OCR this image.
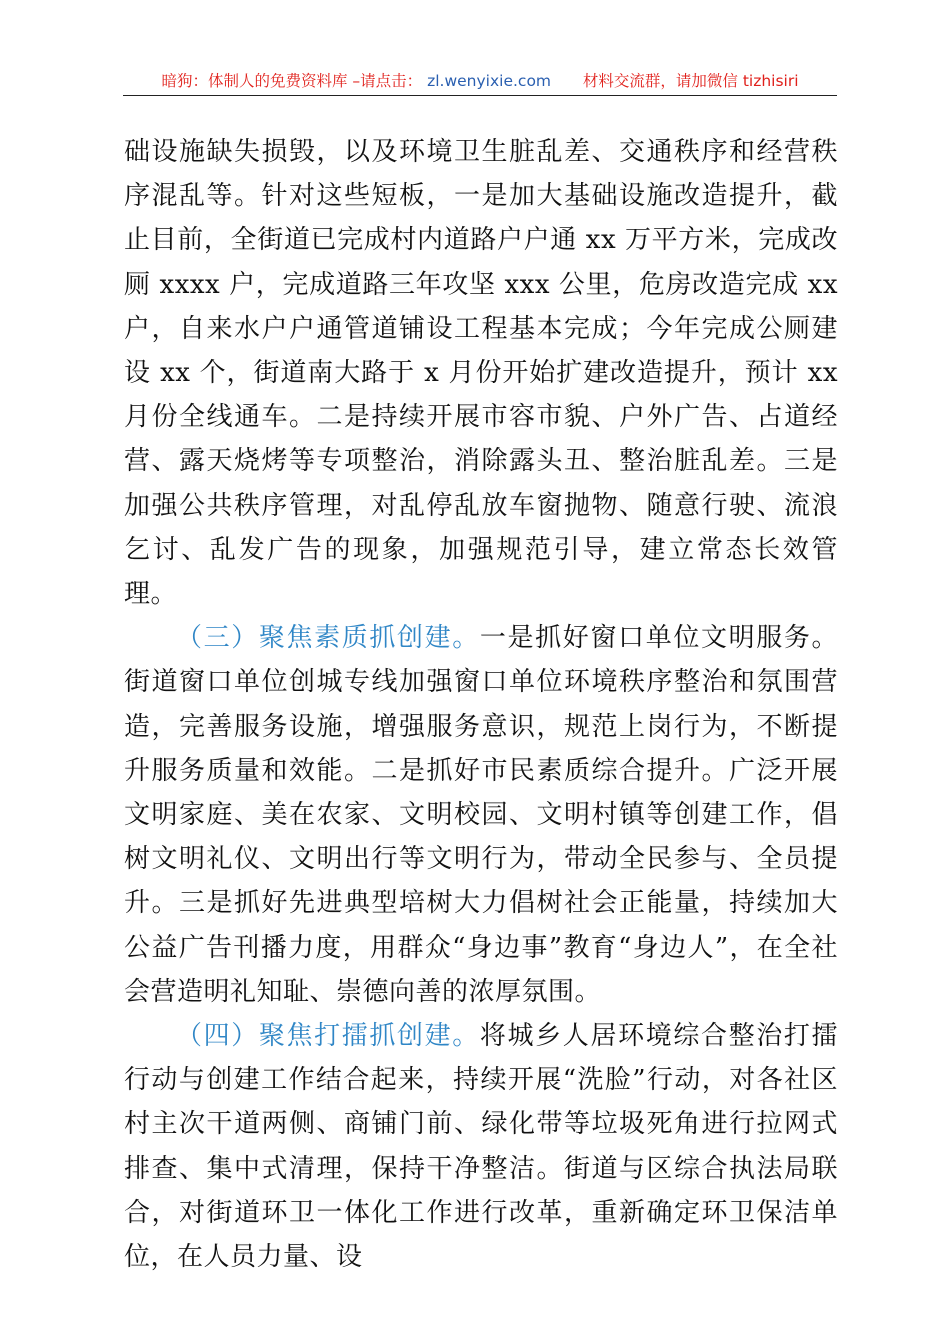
暗狗：体制人的免费资料库 –请点击： zl.wenyixie.com 材料交流群，请加微信 tizhisiri

础设施缺失损毁，以及环境卫生脏乱差、交通秩序和经营秩序混乱等。针对这些短板，一是加大基础设施改造提升，截止目前，全街道已完成村内道路户户通 xx 万平方米，完成改厕 xxxx 户，完成道路三年攻坚 xxx 公里，危房改造完成 xx 户，自来水户户通管道铺设工程基本完成；今年完成公厕建设 xx 个，街道南大路于 x 月份开始扩建改造提升，预计 xx 月份全线通车。二是持续开展市容市貌、户外广告、占道经营、露天烧烤等专项整治，消除露头丑、整治脏乱差。三是加强公共秩序管理，对乱停乱放车窗抛物、随意行驶、流浪乞讨、乱发广告的现象，加强规范引导，建立常态长效管理。

（三）聚焦素质抓创建。一是抓好窗口单位文明服务。街道窗口单位创城专线加强窗口单位环境秩序整治和氛围营造，完善服务设施，增强服务意识，规范上岗行为，不断提升服务质量和效能。二是抓好市民素质综合提升。广泛开展文明家庭、美在农家、文明校园、文明村镇等创建工作，倡树文明礼仪、文明出行等文明行为，带动全民参与、全员提升。三是抓好先进典型培树大力倡树社会正能量，持续加大公益广告刊播力度，用群众“身边事”教育“身边人”，在全社会营造明礼知耻、崇德向善的浓厚氛围。

（四）聚焦打擂抓创建。将城乡人居环境综合整治打擂行动与创建工作结合起来，持续开展“洗脸”行动，对各社区村主次干道两侧、商铺门前、绿化带等垃圾死角进行拉网式排查、集中式清理，保持干净整洁。街道与区综合执法局联合，对街道环卫一体化工作进行改革，重新确定环卫保洁单位，在人员力量、设
